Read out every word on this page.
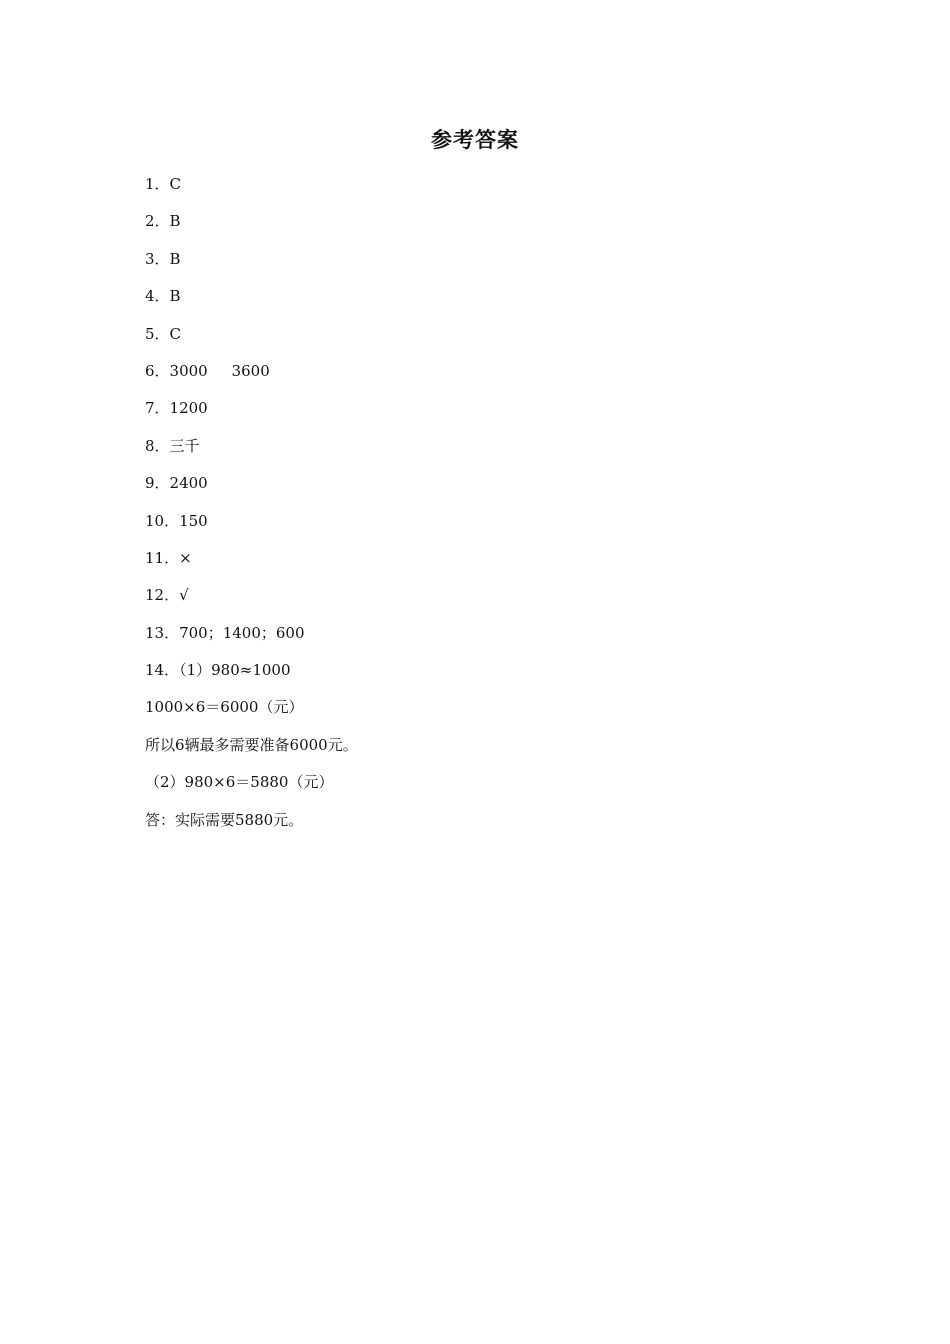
参考答案
1．C
2．B
3．B
4．B
5．C
6．3000     3600
7．1200
8．三千
9．2400
10．150
11．×
12．√
13．700；1400；600
14．（1）980≈1000
1000×6＝6000（元）
所以6辆最多需要准备6000元。
（2）980×6＝5880（元）
答：实际需要5880元。
